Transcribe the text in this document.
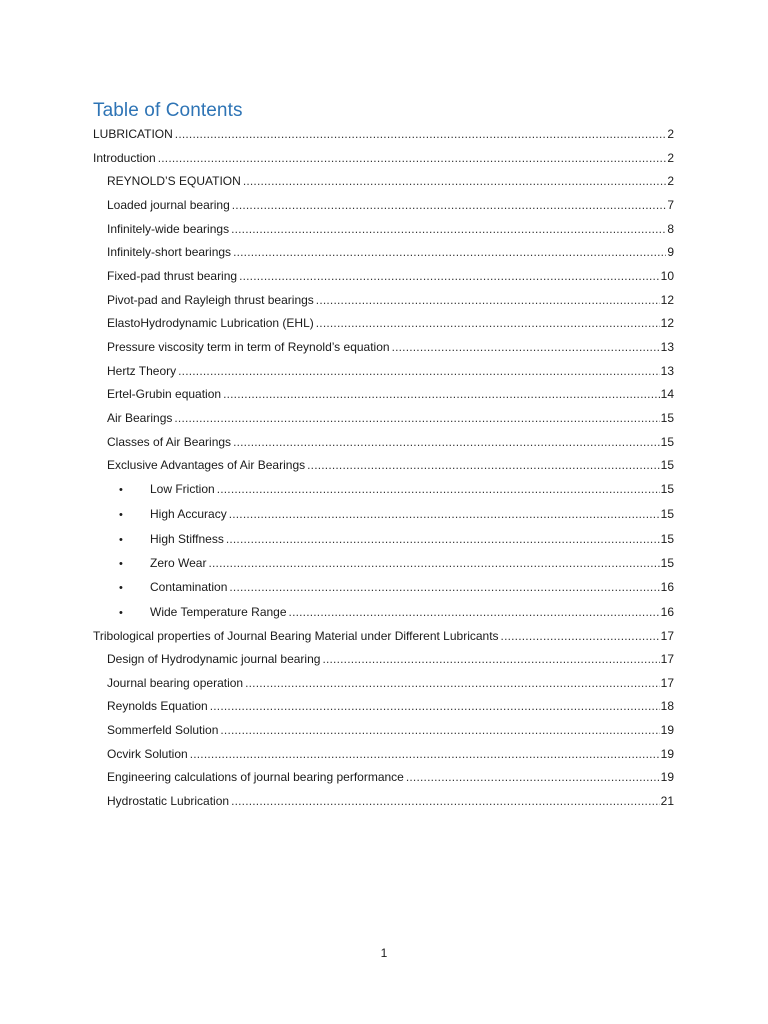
Table of Contents
LUBRICATION .....	2
Introduction .....	2
REYNOLD’S EQUATION .....	2
Loaded journal bearing .....	7
Infinitely-wide bearings .....	8
Infinitely-short bearings .....	9
Fixed-pad thrust bearing .....	10
Pivot-pad and Rayleigh thrust bearings .....	12
ElastoHydrodynamic Lubrication (EHL) .....	12
Pressure viscosity term in term of Reynold’s equation .....	13
Hertz Theory .....	13
Ertel-Grubin equation .....	14
Air Bearings .....	15
Classes of Air Bearings .....	15
Exclusive Advantages of Air Bearings .....	15
•	Low Friction .....	15
•	High Accuracy .....	15
•	High Stiffness .....	15
•	Zero Wear .....	15
•	Contamination .....	16
•	Wide Temperature Range .....	16
Tribological properties of Journal Bearing Material under Different Lubricants .....	17
Design of Hydrodynamic journal bearing .....	17
Journal bearing operation .....	17
Reynolds Equation .....	18
Sommerfeld Solution .....	19
Ocvirk Solution .....	19
Engineering calculations of journal bearing performance .....	19
Hydrostatic Lubrication .....	21
1
